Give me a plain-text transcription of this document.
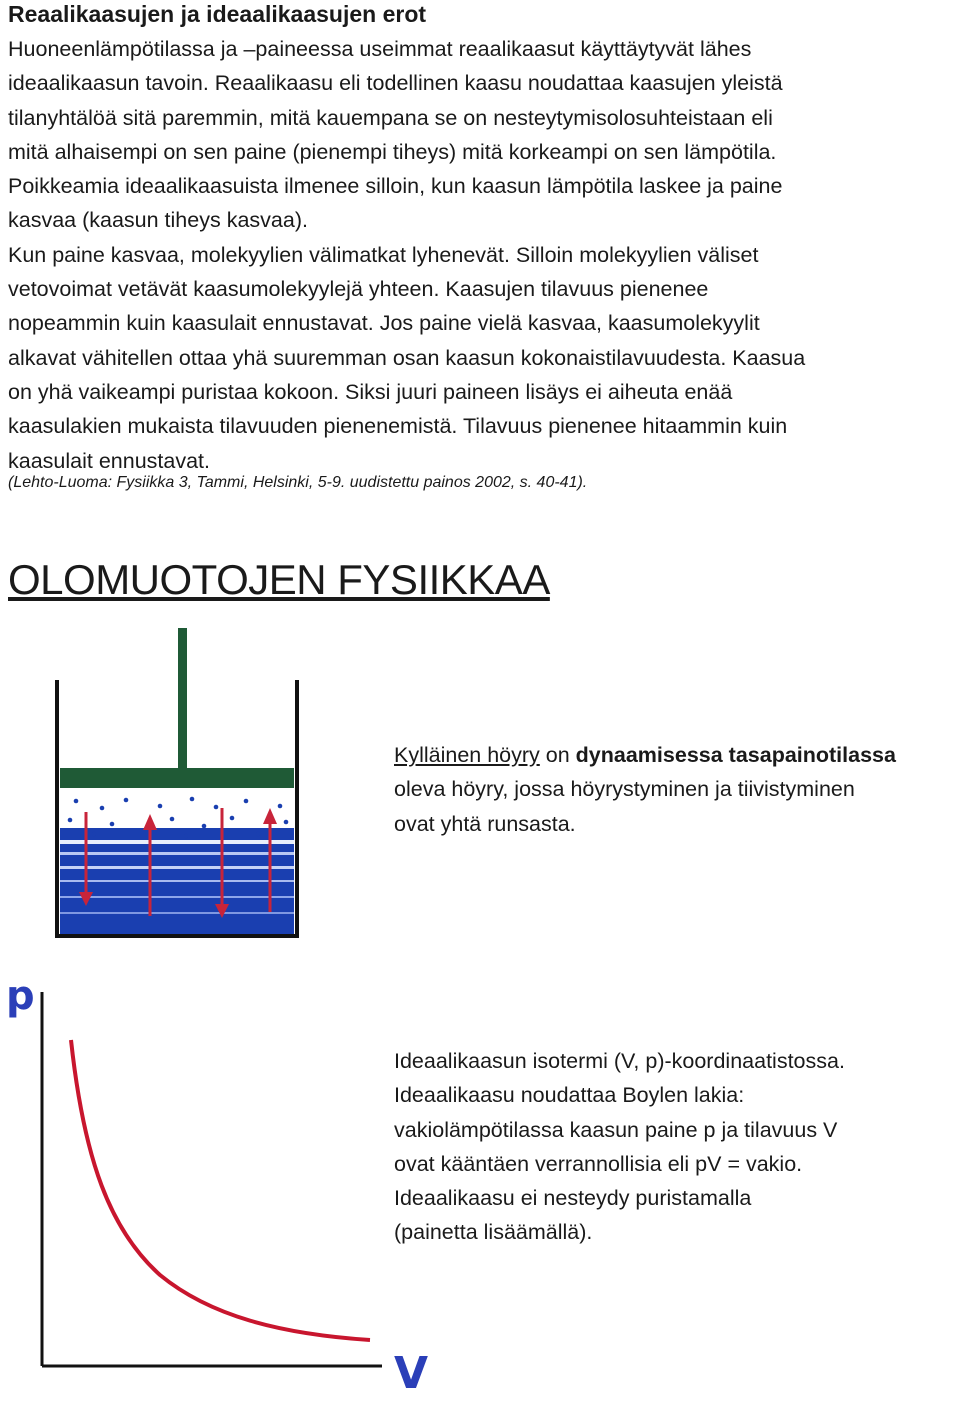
Reaalikaasujen ja ideaalikaasujen erot

Huoneenlämpötilassa ja –paineessa useimmat reaalikaasut käyttäytyvät lähes

ideaalikaasun tavoin. Reaalikaasu eli todellinen kaasu noudattaa kaasujen yleistä

tilanyhtälöä sitä paremmin, mitä kauempana se on nesteytymisolosuhteistaan eli

mitä alhaisempi on sen paine (pienempi tiheys) mitä korkeampi on sen lämpötila.

Poikkeamia ideaalikaasuista ilmenee silloin, kun kaasun lämpötila laskee ja paine

kasvaa (kaasun tiheys kasvaa).

Kun paine kasvaa, molekyylien välimatkat lyhenevät. Silloin molekyylien väliset

vetovoimat vetävät kaasumolekyylejä yhteen. Kaasujen tilavuus pienenee

nopeammin kuin kaasulait ennustavat. Jos paine vielä kasvaa, kaasumolekyylit

alkavat vähitellen ottaa yhä suuremman osan kaasun kokonaistilavuudesta. Kaasua

on yhä vaikeampi puristaa kokoon. Siksi juuri paineen lisäys ei aiheuta enää

kaasulakien mukaista tilavuuden pienenemistä. Tilavuus pienenee hitaammin kuin

kaasulait ennustavat.

(Lehto-Luoma: Fysiikka 3, Tammi, Helsinki, 5-9. uudistettu painos 2002, s. 40-41).
OLOMUOTOJEN FYSIIKKAA
p
V

Kylläinen höyry on dynaamisessa tasapainotilassa

oleva höyry, jossa höyrystyminen ja tiivistyminen

ovat yhtä runsasta.

Ideaalikaasun isotermi (V, p)-koordinaatistossa.

Ideaalikaasu noudattaa Boylen lakia:

vakiolämpötilassa kaasun paine p ja tilavuus V

ovat kääntäen verrannollisia eli pV = vakio.

Ideaalikaasu ei nesteydy puristamalla

(painetta lisäämällä).
